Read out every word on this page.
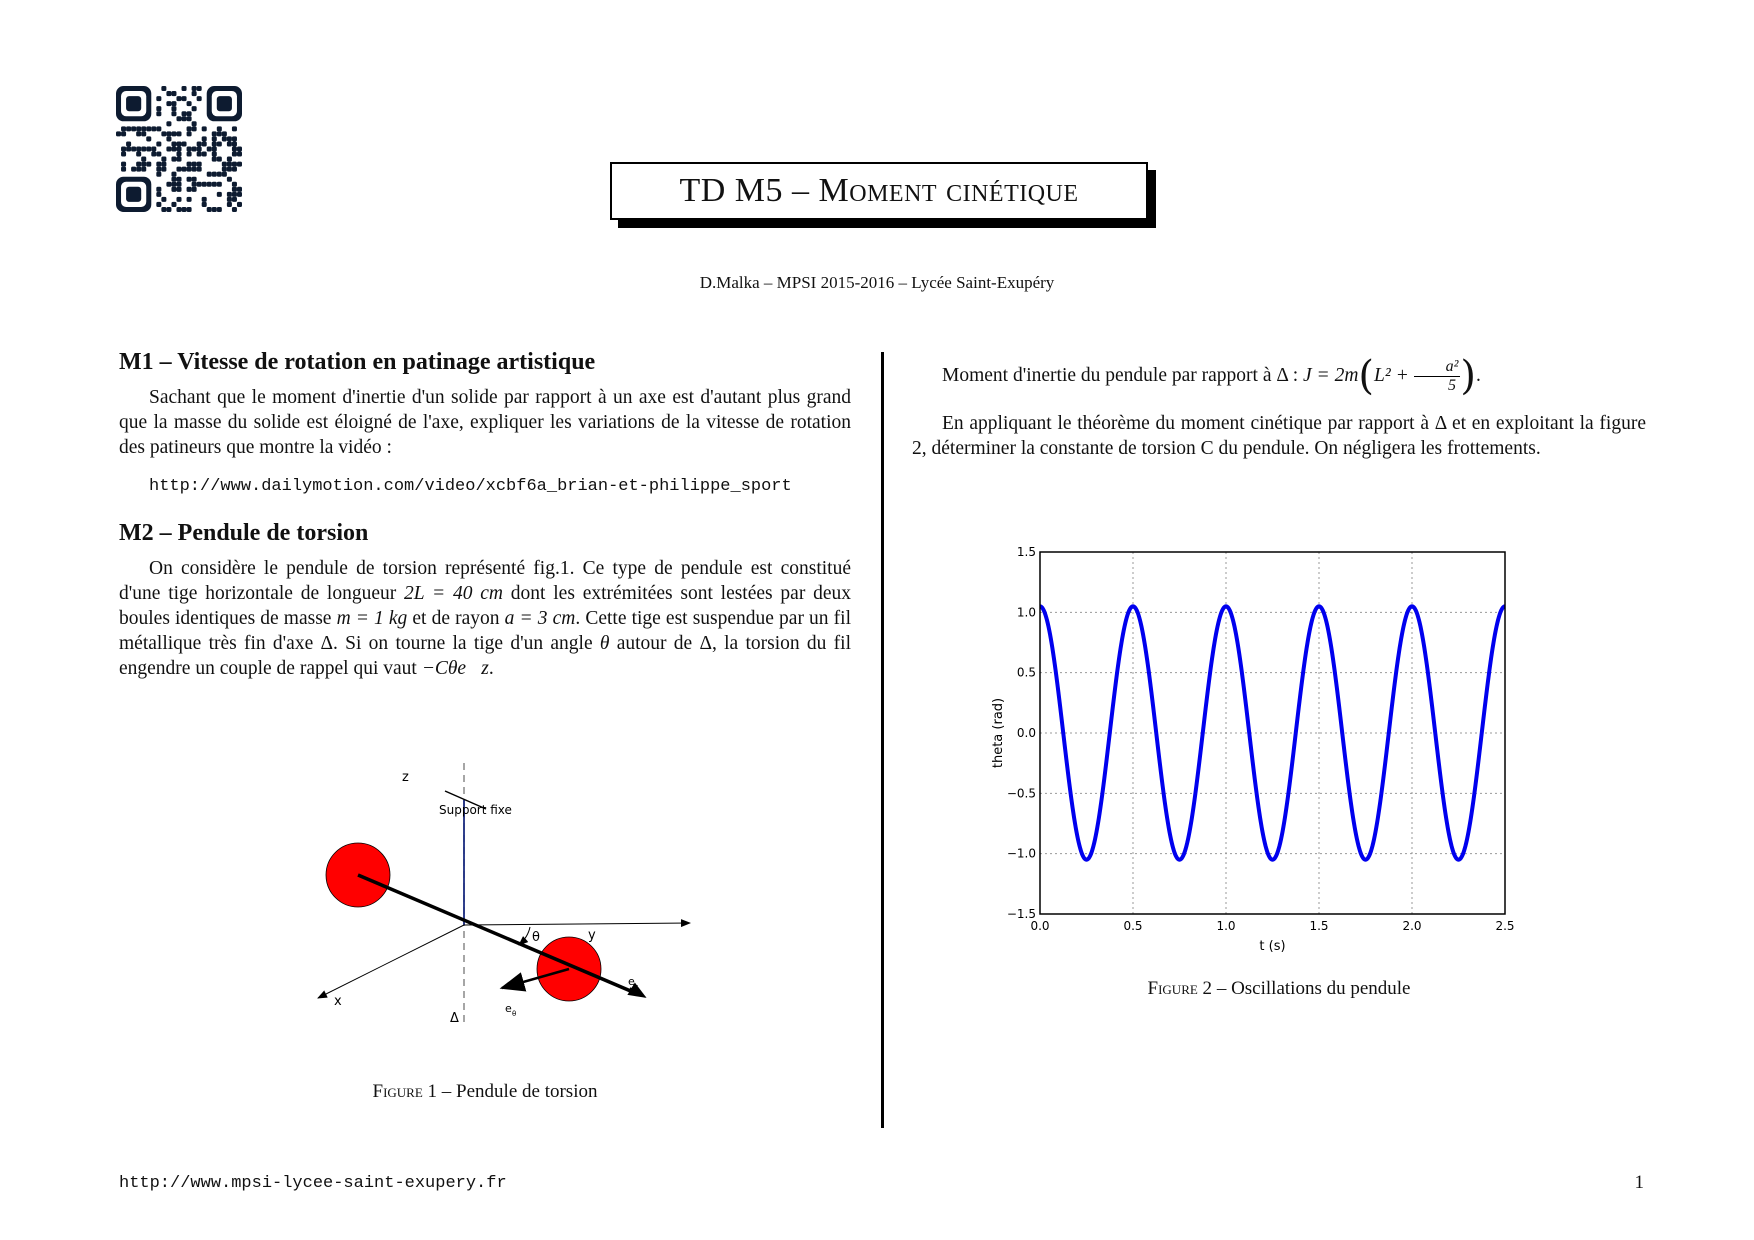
TD M5 – Moment cinétique
D.Malka – MPSI 2015-2016 – Lycée Saint-Exupéry
M1 – Vitesse de rotation en patinage artistique

Sachant que le moment d'inertie d'un solide par rapport à un axe est d'autant plus grand que la masse du solide est éloigné de l'axe, expliquer les variations de la vitesse de rotation des patineurs que montre la vidéo :

http://www.dailymotion.com/video/xcbf6a_brian-et-philippe_sport
M2 – Pendule de torsion

On considère le pendule de torsion représenté fig.1. Ce type de pendule est constitué d'une tige horizontale de longueur 2L = 40 cm dont les extrémitées sont lestées par deux boules identiques de masse m = 1 kg et de rayon a = 3 cm. Cette tige est suspendue par un fil métallique très fin d'axe Δ. Si on tourne la tige d'un angle θ autour de Δ, la torsion du fil engendre un couple de rappel qui vaut −Cθe⃗z.

z
Support fixe
y
x
Δ
θ
e θ
e r
Figure 1 – Pendule de torsion

Moment d'inertie du pendule par rapport à Δ : $J = 2m(L^2 + \frac{\text{a²}}{5}$ ).

En appliquant le théorème du moment cinétique par rapport à Δ et en exploitant la figure 2, déterminer la constante de torsion C du pendule. On négligera les frottements.

0.0	0.5	1.0	1.5	2.0	2.5
1.5
1.0
0.5
0.0
−0.5
−1.0
−1.5
t (s)
theta (rad)
Figure 2 – Oscillations du pendule
http://www.mpsi-lycee-saint-exupery.fr	1
